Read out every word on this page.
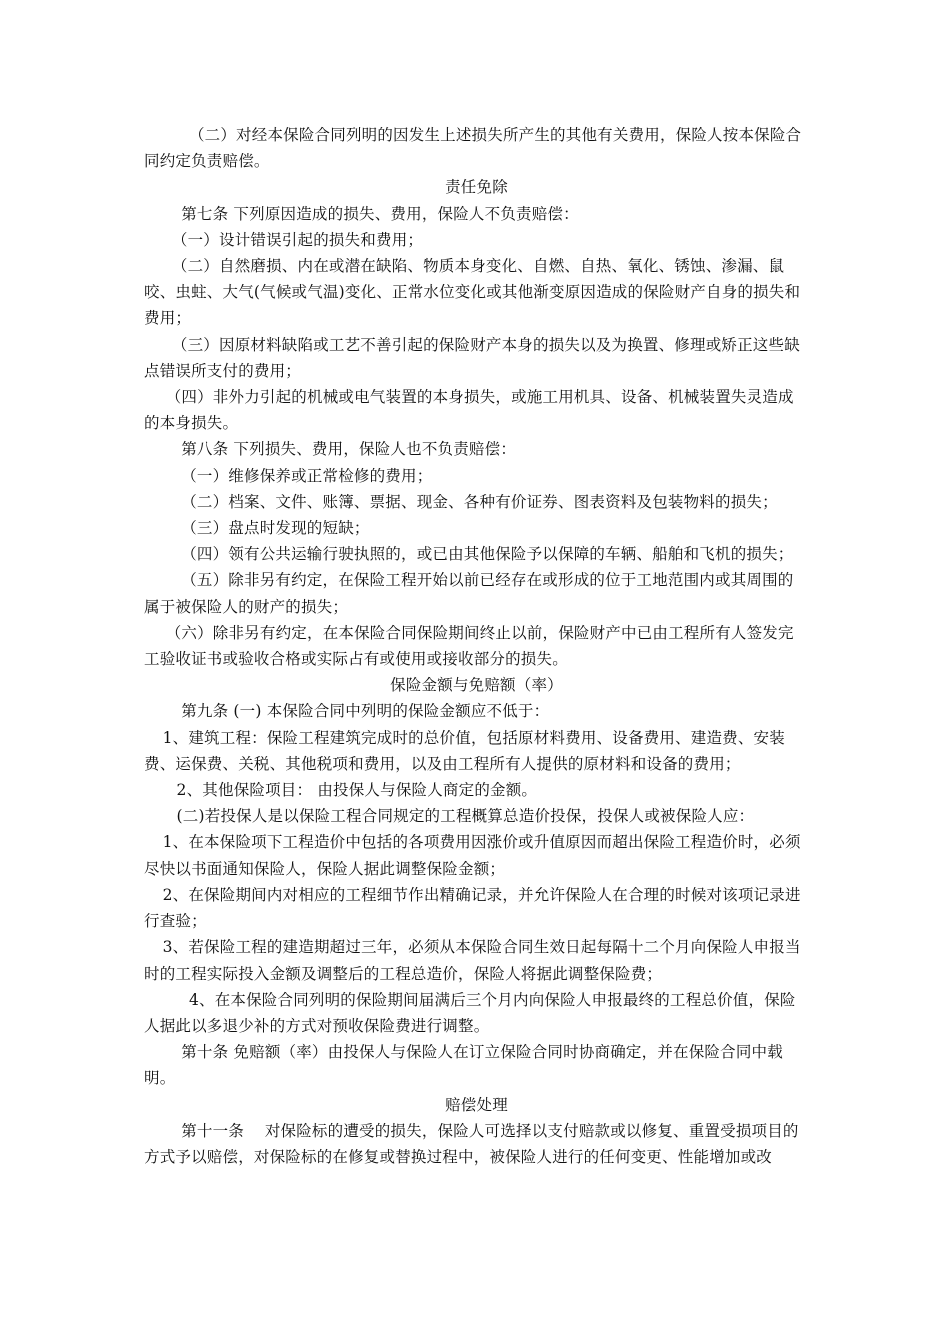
（二）对经本保险合同列明的因发生上述损失所产生的其他有关费用，保险人按本保险合同约定负责赔偿。

责任免除

第七条 下列原因造成的损失、费用，保险人不负责赔偿：

（一）设计错误引起的损失和费用；

（二）自然磨损、内在或潜在缺陷、物质本身变化、自燃、自热、氧化、锈蚀、渗漏、鼠咬、虫蛀、大气(气候或气温)变化、正常水位变化或其他渐变原因造成的保险财产自身的损失和费用；

（三）因原材料缺陷或工艺不善引起的保险财产本身的损失以及为换置、修理或矫正这些缺点错误所支付的费用；

（四）非外力引起的机械或电气装置的本身损失，或施工用机具、设备、机械装置失灵造成的本身损失。

第八条 下列损失、费用，保险人也不负责赔偿：

（一）维修保养或正常检修的费用；

（二）档案、文件、账簿、票据、现金、各种有价证券、图表资料及包装物料的损失；

（三）盘点时发现的短缺；

（四）领有公共运输行驶执照的，或已由其他保险予以保障的车辆、船舶和飞机的损失；

（五）除非另有约定，在保险工程开始以前已经存在或形成的位于工地范围内或其周围的属于被保险人的财产的损失；

（六）除非另有约定，在本保险合同保险期间终止以前，保险财产中已由工程所有人签发完工验收证书或验收合格或实际占有或使用或接收部分的损失。

保险金额与免赔额（率）

第九条 (一) 本保险合同中列明的保险金额应不低于：

1、建筑工程：保险工程建筑完成时的总价值，包括原材料费用、设备费用、建造费、安装费、运保费、关税、其他税项和费用，以及由工程所有人提供的原材料和设备的费用；

2、其他保险项目： 由投保人与保险人商定的金额。

(二)若投保人是以保险工程合同规定的工程概算总造价投保，投保人或被保险人应：

1、在本保险项下工程造价中包括的各项费用因涨价或升值原因而超出保险工程造价时，必须尽快以书面通知保险人，保险人据此调整保险金额；

2、在保险期间内对相应的工程细节作出精确记录，并允许保险人在合理的时候对该项记录进行查验；

3、若保险工程的建造期超过三年，必须从本保险合同生效日起每隔十二个月向保险人申报当时的工程实际投入金额及调整后的工程总造价，保险人将据此调整保险费；

4、在本保险合同列明的保险期间届满后三个月内向保险人申报最终的工程总价值，保险人据此以多退少补的方式对预收保险费进行调整。

第十条 免赔额（率）由投保人与保险人在订立保险合同时协商确定，并在保险合同中载明。

赔偿处理

第十一条　 对保险标的遭受的损失，保险人可选择以支付赔款或以修复、重置受损项目的方式予以赔偿，对保险标的在修复或替换过程中，被保险人进行的任何变更、性能增加或改
